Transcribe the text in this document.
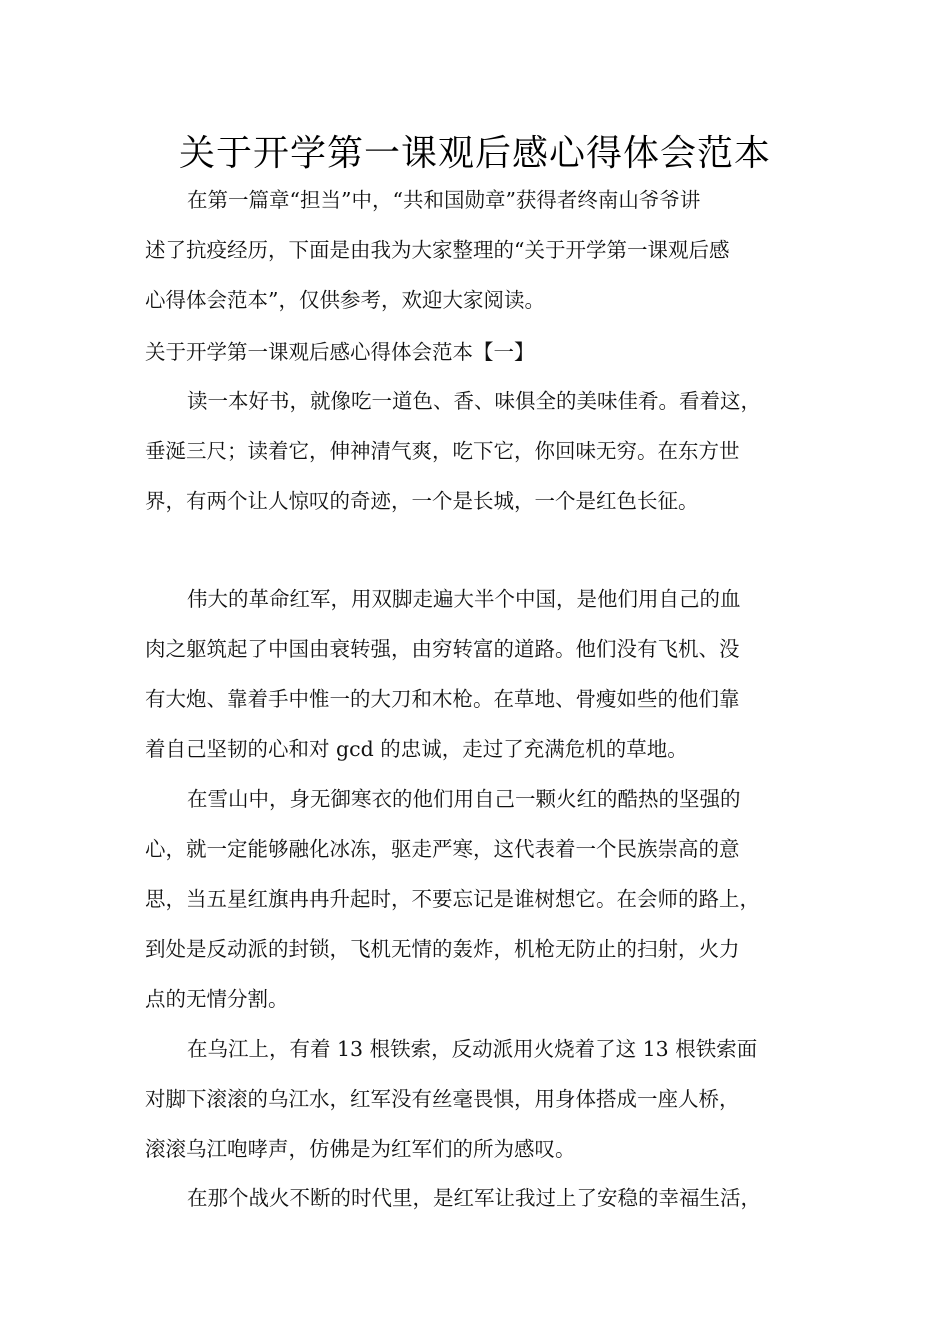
关于开学第一课观后感心得体会范本

在第一篇章“担当”中，“共和国勋章”获得者终南山爷爷讲

述了抗疫经历，下面是由我为大家整理的“关于开学第一课观后感

心得体会范本”，仅供参考，欢迎大家阅读。

关于开学第一课观后感心得体会范本【一】

读一本好书，就像吃一道色、香、味俱全的美味佳肴。看着这，

垂涎三尺；读着它，伸神清气爽，吃下它，你回味无穷。在东方世

界，有两个让人惊叹的奇迹，一个是长城，一个是红色长征。

伟大的革命红军，用双脚走遍大半个中国，是他们用自己的血

肉之躯筑起了中国由衰转强，由穷转富的道路。他们没有飞机、没

有大炮、靠着手中惟一的大刀和木枪。在草地、骨瘦如些的他们靠

着自己坚韧的心和对 gcd 的忠诚，走过了充满危机的草地。

在雪山中，身无御寒衣的他们用自己一颗火红的酷热的坚强的

心，就一定能够融化冰冻，驱走严寒，这代表着一个民族崇高的意

思，当五星红旗冉冉升起时，不要忘记是谁树想它。在会师的路上，

到处是反动派的封锁，飞机无情的轰炸，机枪无防止的扫射，火力

点的无情分割。

在乌江上，有着 13 根铁索，反动派用火烧着了这 13 根铁索面

对脚下滚滚的乌江水，红军没有丝毫畏惧，用身体搭成一座人桥，

滚滚乌江咆哮声，仿佛是为红军们的所为感叹。

在那个战火不断的时代里，是红军让我过上了安稳的幸福生活，
